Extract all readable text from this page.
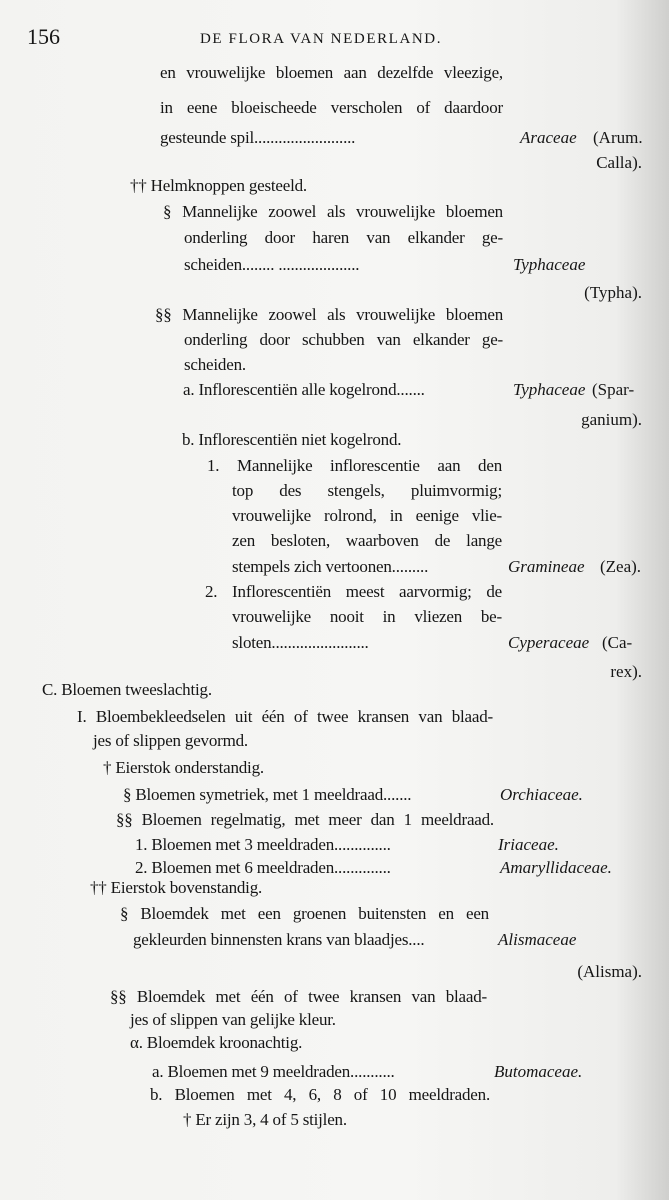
156	DE FLORA VAN NEDERLAND.
en vrouwelijke bloemen aan dezelfde vleezige,
in eene bloeischeede verscholen of daardoor
gesteunde spil.........................	Araceae (Arum.
Calla).
†† Helmknoppen gesteeld.
§ Mannelijke zoowel als vrouwelijke bloemen
onderling door haren van elkander ge-
scheiden........ ....................	Typhaceae
(Typha).
§§ Mannelijke zoowel als vrouwelijke bloemen
onderling door schubben van elkander ge-
scheiden.
a. Inflorescentiën alle kogelrond.......	Typhaceae (Spar-
ganium).
b. Inflorescentiën niet kogelrond.
1. Mannelijke inflorescentie aan den
top des stengels, pluimvormig;
vrouwelijke rolrond, in eenige vlie-
zen besloten, waarboven de lange
stempels zich vertoonen.........	Gramineae (Zea).
2. Inflorescentiën meest aarvormig; de
vrouwelijke nooit in vliezen be-
sloten........................	Cyperaceae (Ca-
rex).
C. Bloemen tweeslachtig.
I. Bloembekleedselen uit één of twee kransen van blaad-
jes of slippen gevormd.
† Eierstok onderstandig.
§ Bloemen symetriek, met 1 meeldraad.......	Orchiaceae.
§§ Bloemen regelmatig, met meer dan 1 meeldraad.
1. Bloemen met 3 meeldraden..............	Iriaceae.
2. Bloemen met 6 meeldraden..............	Amaryllidaceae.
†† Eierstok bovenstandig.
§ Bloemdek met een groenen buitensten en een
gekleurden binnensten krans van blaadjes....	Alismaceae
(Alisma).
§§ Bloemdek met één of twee kransen van blaad-
jes of slippen van gelijke kleur.
α. Bloemdek kroonachtig.
a. Bloemen met 9 meeldraden...........	Butomaceae.
b. Bloemen met 4, 6, 8 of 10 meeldraden.
† Er zijn 3, 4 of 5 stijlen.
